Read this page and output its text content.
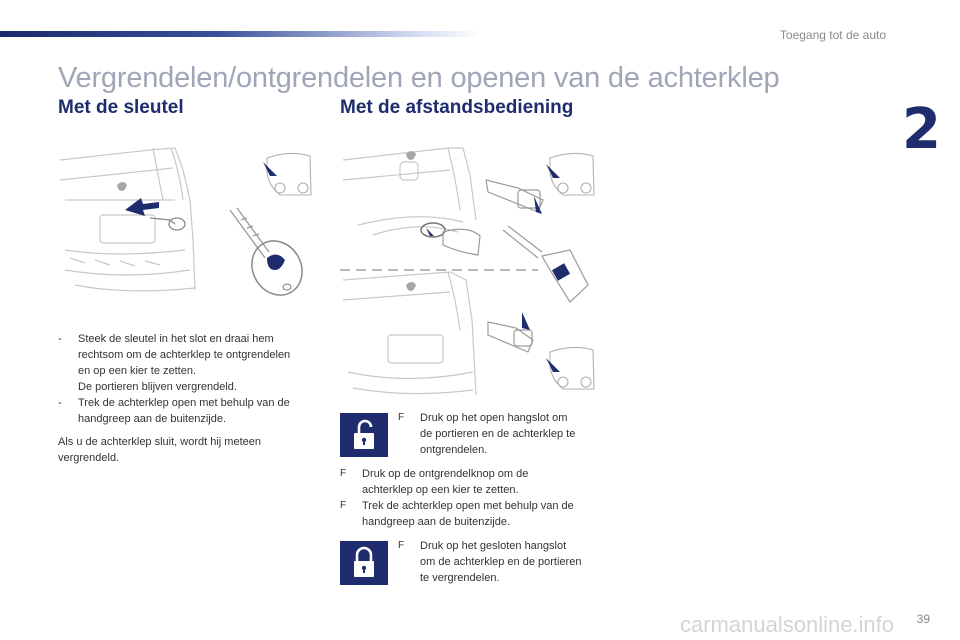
Toegang tot de auto
2
Vergrendelen/ontgrendelen en openen van de achterklep
Met de sleutel	Met de afstandsbediening
- Steek de sleutel in het slot en draai hem
rechtsom om de achterklep te ontgrendelen
en op een kier te zetten.
De portieren blijven vergrendeld.
- Trek de achterklep open met behulp van de
handgreep aan de buitenzijde.
Als u de achterklep sluit, wordt hij meteen
vergrendeld.
F Druk op het open hangslot om
de portieren en de achterklep te
ontgrendelen.
F Druk op de ontgrendelknop om de
achterklep op een kier te zetten.
F Trek de achterklep open met behulp van de
handgreep aan de buitenzijde.
F Druk op het gesloten hangslot
om de achterklep en de portieren
te vergrendelen.
carmanualsonline.info 39
